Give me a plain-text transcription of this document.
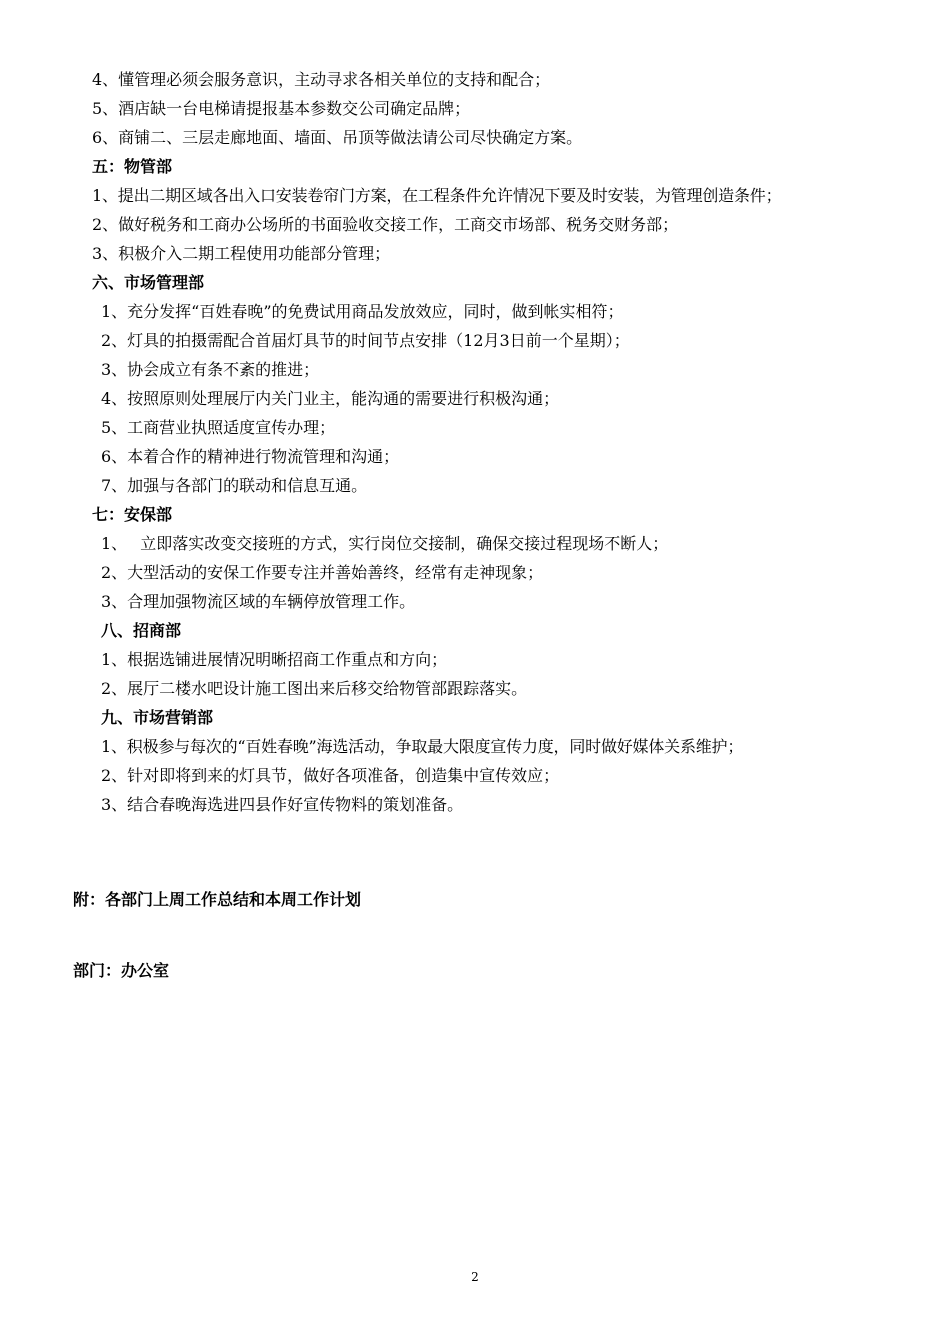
4、懂管理必须会服务意识，主动寻求各相关单位的支持和配合；
5、酒店缺一台电梯请提报基本参数交公司确定品牌；
6、商铺二、三层走廊地面、墙面、吊顶等做法请公司尽快确定方案。
五：物管部
1、提出二期区域各出入口安装卷帘门方案，在工程条件允许情况下要及时安装，为管理创造条件；
2、做好税务和工商办公场所的书面验收交接工作，工商交市场部、税务交财务部；
3、积极介入二期工程使用功能部分管理；
六、市场管理部
1、充分发挥“百姓春晚”的免费试用商品发放效应，同时，做到帐实相符；
2、灯具的拍摄需配合首届灯具节的时间节点安排（12月3日前一个星期）；
3、协会成立有条不紊的推进；
4、按照原则处理展厅内关门业主，能沟通的需要进行积极沟通；
5、工商营业执照适度宣传办理；
6、本着合作的精神进行物流管理和沟通；
7、加强与各部门的联动和信息互通。
七：安保部
1、　 立即落实改变交接班的方式，实行岗位交接制，确保交接过程现场不断人；
2、大型活动的安保工作要专注并善始善终，经常有走神现象；
3、合理加强物流区域的车辆停放管理工作。
八、招商部
1、根据选铺进展情况明晰招商工作重点和方向；
2、展厅二楼水吧设计施工图出来后移交给物管部跟踪落实。
九、市场营销部
1、积极参与每次的“百姓春晚”海选活动，争取最大限度宣传力度，同时做好媒体关系维护；
2、针对即将到来的灯具节，做好各项准备，创造集中宣传效应；
3、结合春晚海选进四县作好宣传物料的策划准备。
附：各部门上周工作总结和本周工作计划
部门：办公室
2
